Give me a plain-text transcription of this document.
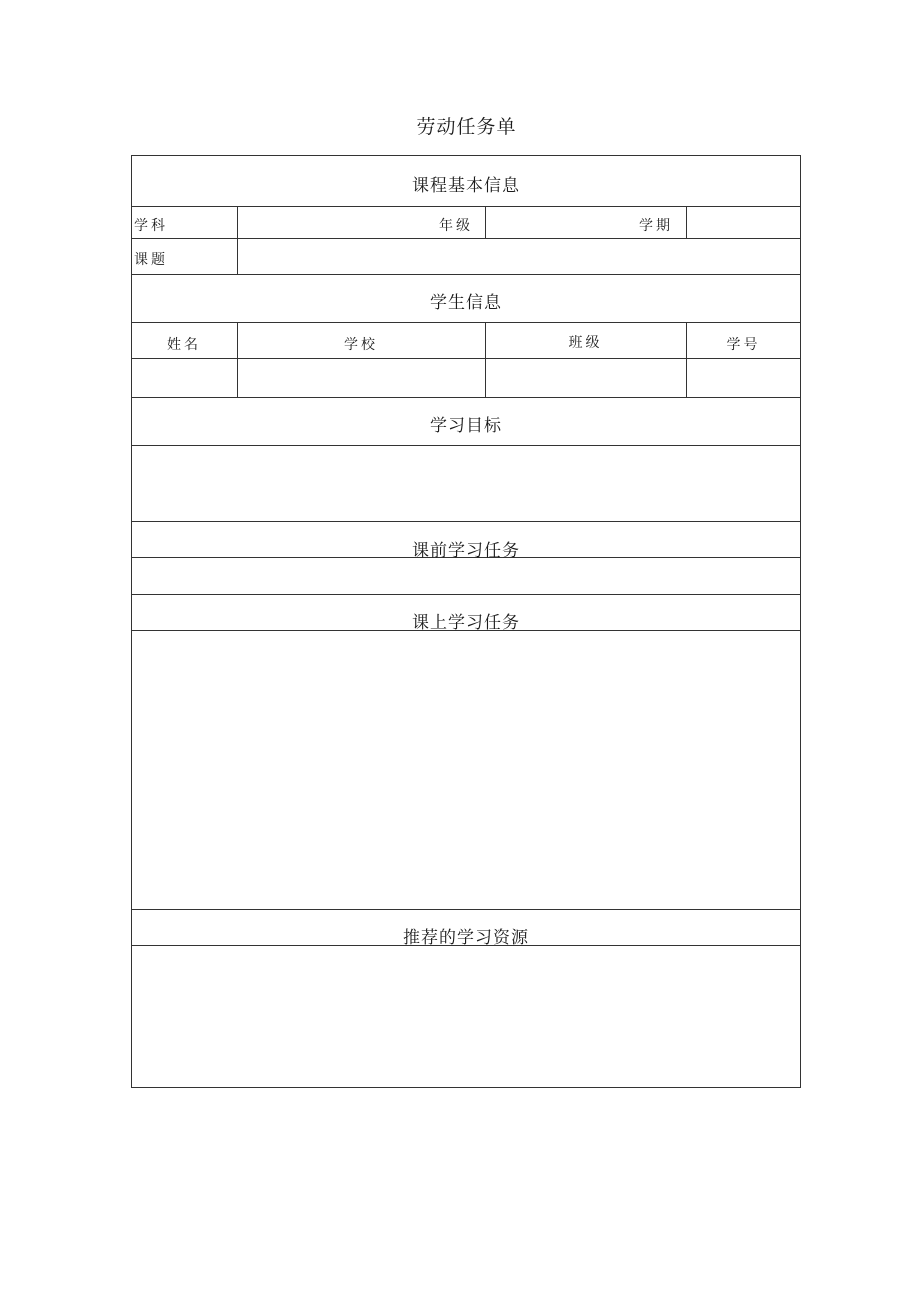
劳动任务单
课程基本信息
学生信息
学习目标
课前学习任务
课上学习任务
推荐的学习资源
学科	年级	学期
课题
姓名	学校	班级	学号
